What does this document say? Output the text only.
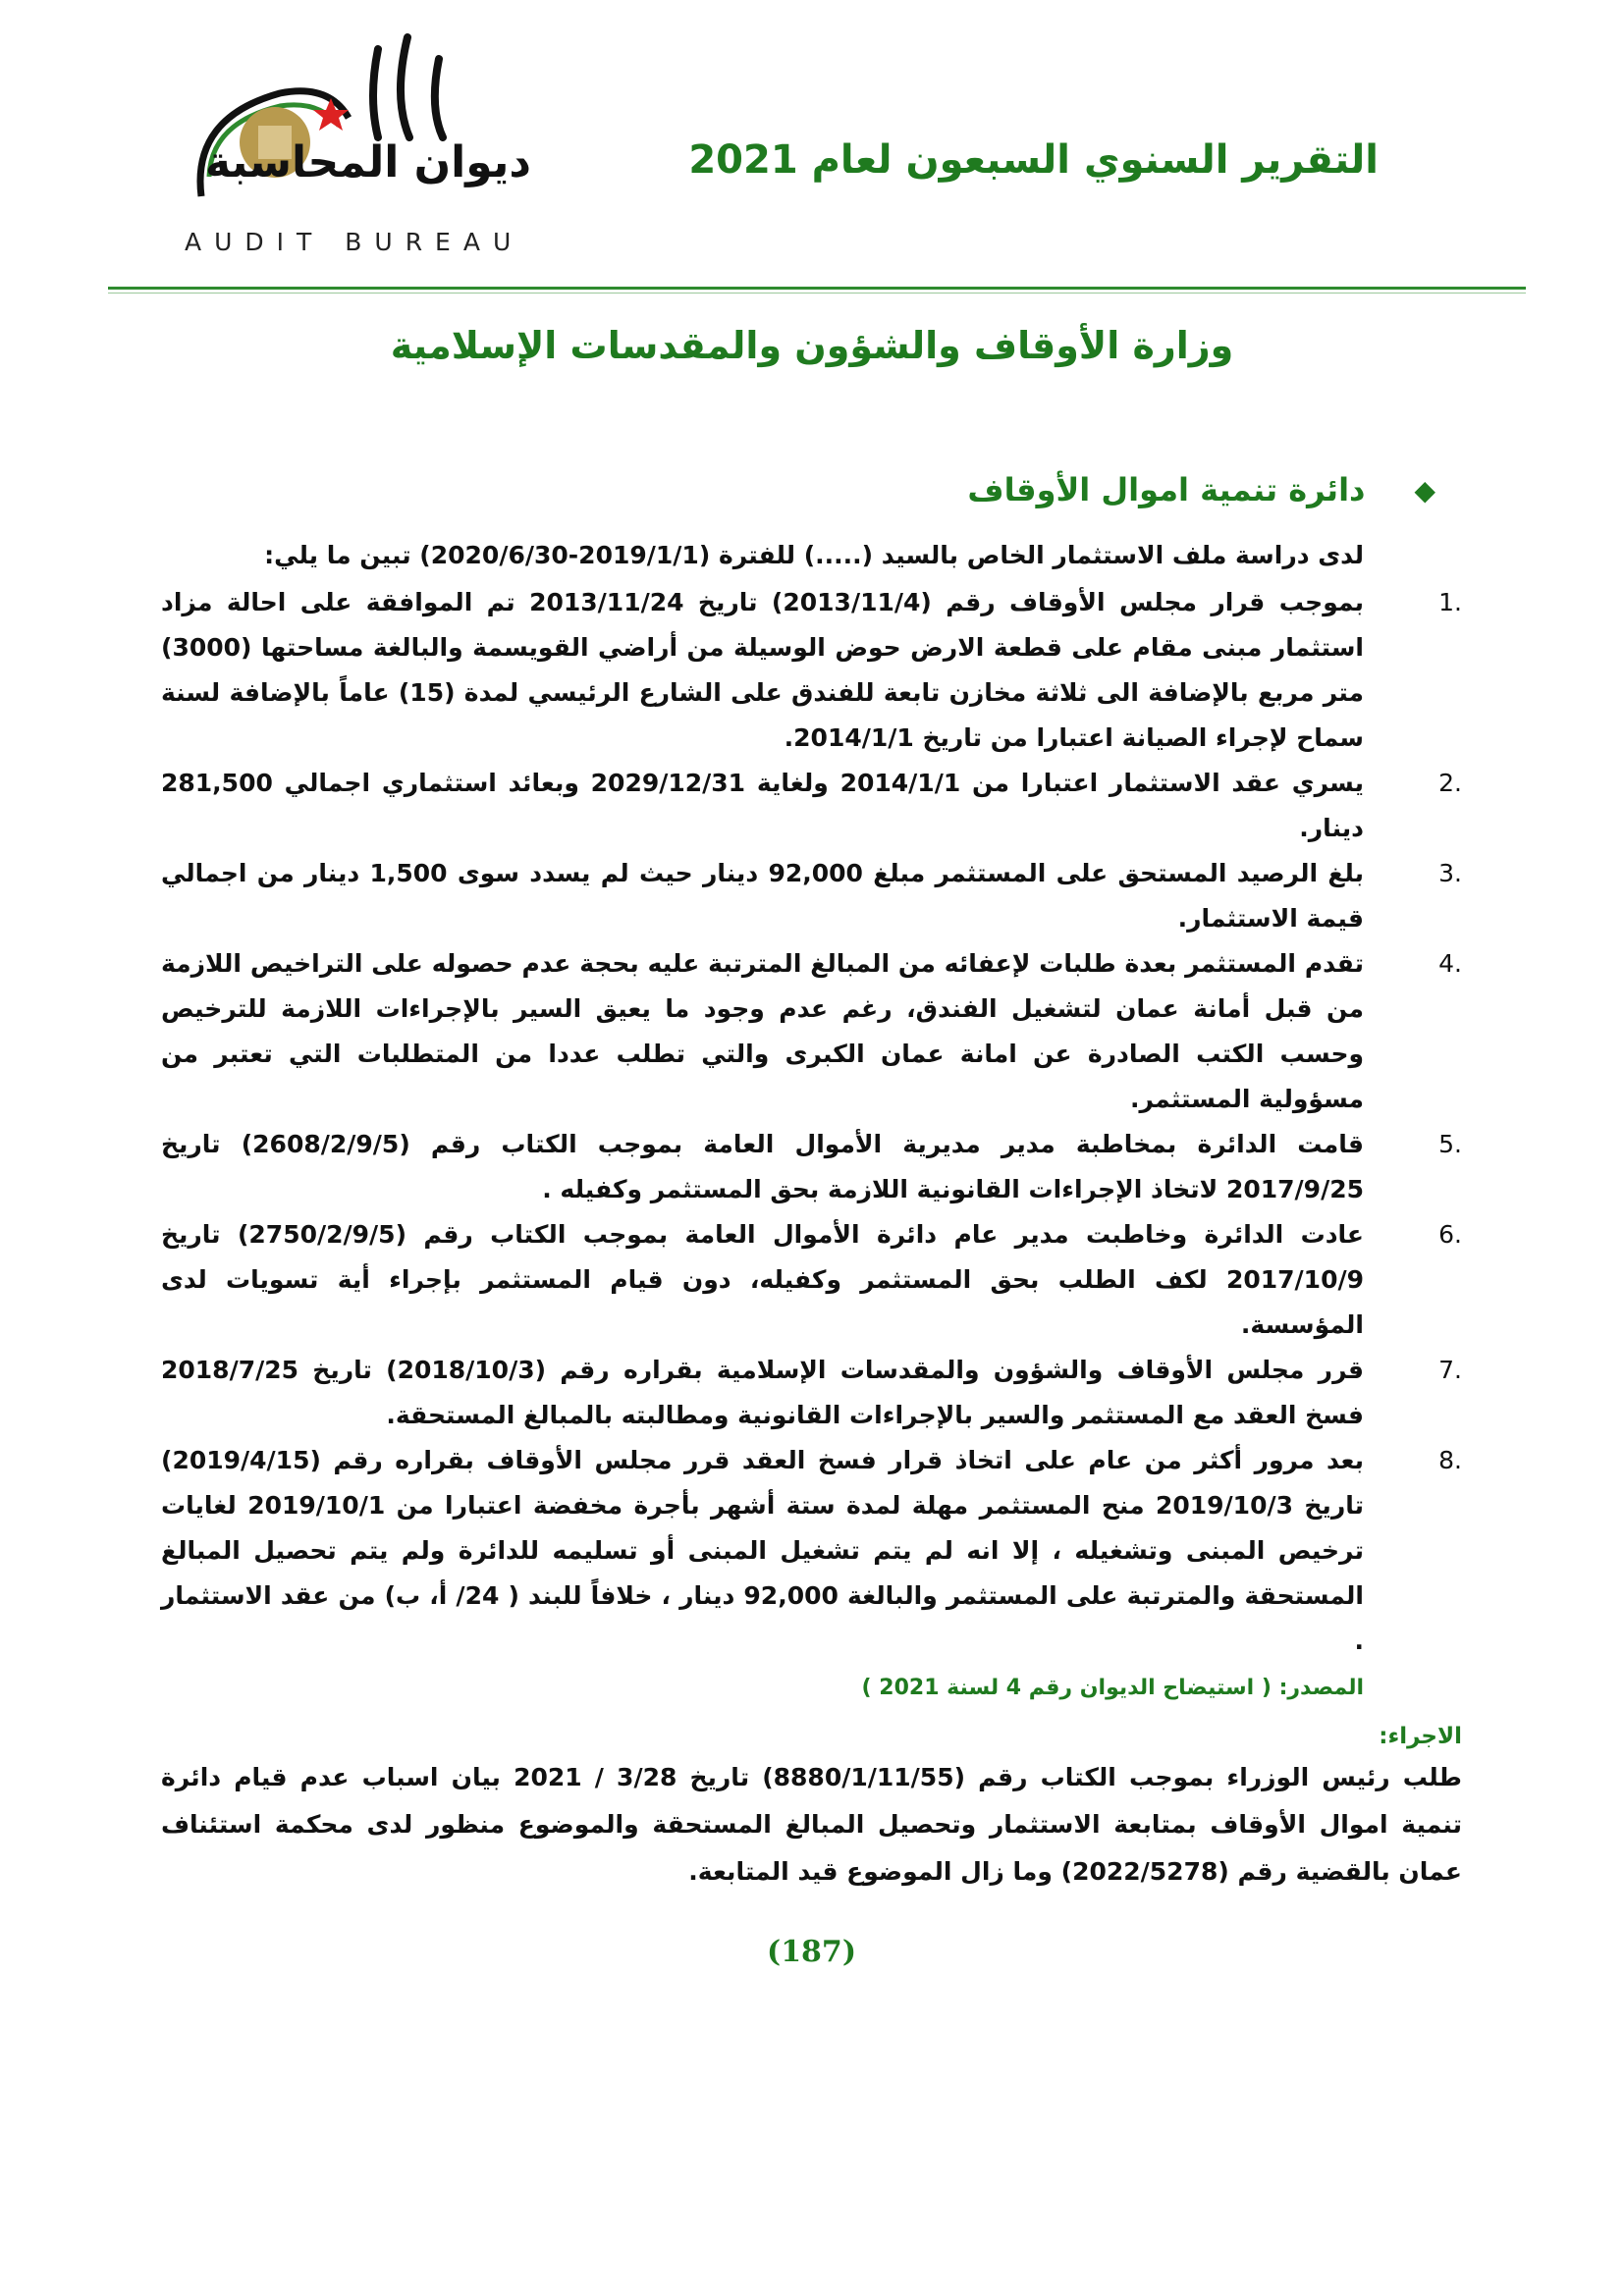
ديوان المحاسبة
AUDIT BUREAU
التقرير السنوي السبعون لعام 2021
وزارة الأوقاف والشؤون والمقدسات الإسلامية
◆
دائرة تنمية اموال الأوقاف
لدى دراسة ملف الاستثمار الخاص بالسيد (.....) للفترة (2019/1/1-2020/6/30) تبين ما يلي:
.1
بموجب قرار مجلس الأوقاف رقم (2013/11/4) تاريخ 2013/11/24 تم الموافقة على احالة مزاد استثمار مبنى مقام على قطعة الارض حوض الوسيلة من أراضي القويسمة والبالغة مساحتها (3000) متر مربع بالإضافة الى ثلاثة مخازن تابعة للفندق على الشارع الرئيسي لمدة (15) عاماً بالإضافة لسنة سماح لإجراء الصيانة اعتبارا من تاريخ 2014/1/1.
.2
يسري عقد الاستثمار اعتبارا من 2014/1/1 ولغاية 2029/12/31 وبعائد استثماري اجمالي 281,500 دينار.
.3
بلغ الرصيد المستحق على المستثمر مبلغ 92,000 دينار حيث لم يسدد سوى 1,500 دينار من اجمالي قيمة الاستثمار.
.4
تقدم المستثمر بعدة طلبات لإعفائه من المبالغ المترتبة عليه بحجة عدم حصوله على التراخيص اللازمة من قبل أمانة عمان لتشغيل الفندق، رغم عدم وجود ما يعيق السير بالإجراءات اللازمة للترخيص وحسب الكتب الصادرة عن امانة عمان الكبرى والتي تطلب عددا من المتطلبات التي تعتبر من مسؤولية المستثمر.
.5
قامت الدائرة بمخاطبة مدير مديرية الأموال العامة بموجب الكتاب رقم (2608/2/9/5) تاريخ 2017/9/25 لاتخاذ الإجراءات القانونية اللازمة بحق المستثمر وكفيله .
.6
عادت الدائرة وخاطبت مدير عام دائرة الأموال العامة بموجب الكتاب رقم (2750/2/9/5) تاريخ 2017/10/9 لكف الطلب بحق المستثمر وكفيله، دون قيام المستثمر بإجراء أية تسويات لدى المؤسسة.
.7
قرر مجلس الأوقاف والشؤون والمقدسات الإسلامية بقراره رقم (2018/10/3) تاريخ 2018/7/25 فسخ العقد مع المستثمر والسير بالإجراءات القانونية ومطالبته بالمبالغ المستحقة.
.8
بعد مرور أكثر من عام على اتخاذ قرار فسخ العقد قرر مجلس الأوقاف بقراره رقم (2019/4/15) تاريخ 2019/10/3 منح المستثمر مهلة لمدة ستة أشهر بأجرة مخفضة اعتبارا من 2019/10/1 لغايات ترخيص المبنى وتشغيله ، إلا انه لم يتم تشغيل المبنى أو تسليمه للدائرة ولم يتم تحصيل المبالغ المستحقة والمترتبة على المستثمر والبالغة 92,000 دينار ، خلافاً للبند ( 24/ أ، ب) من عقد الاستثمار .
المصدر: ( استيضاح الديوان رقم 4 لسنة 2021 )
الاجراء:
طلب رئيس الوزراء بموجب الكتاب رقم (8880/1/11/55) تاريخ 3/28 / 2021 بيان اسباب عدم قيام دائرة تنمية اموال الأوقاف بمتابعة الاستثمار وتحصيل المبالغ المستحقة والموضوع منظور لدى محكمة استئناف عمان بالقضية رقم (2022/5278) وما زال الموضوع قيد المتابعة.
(187)
